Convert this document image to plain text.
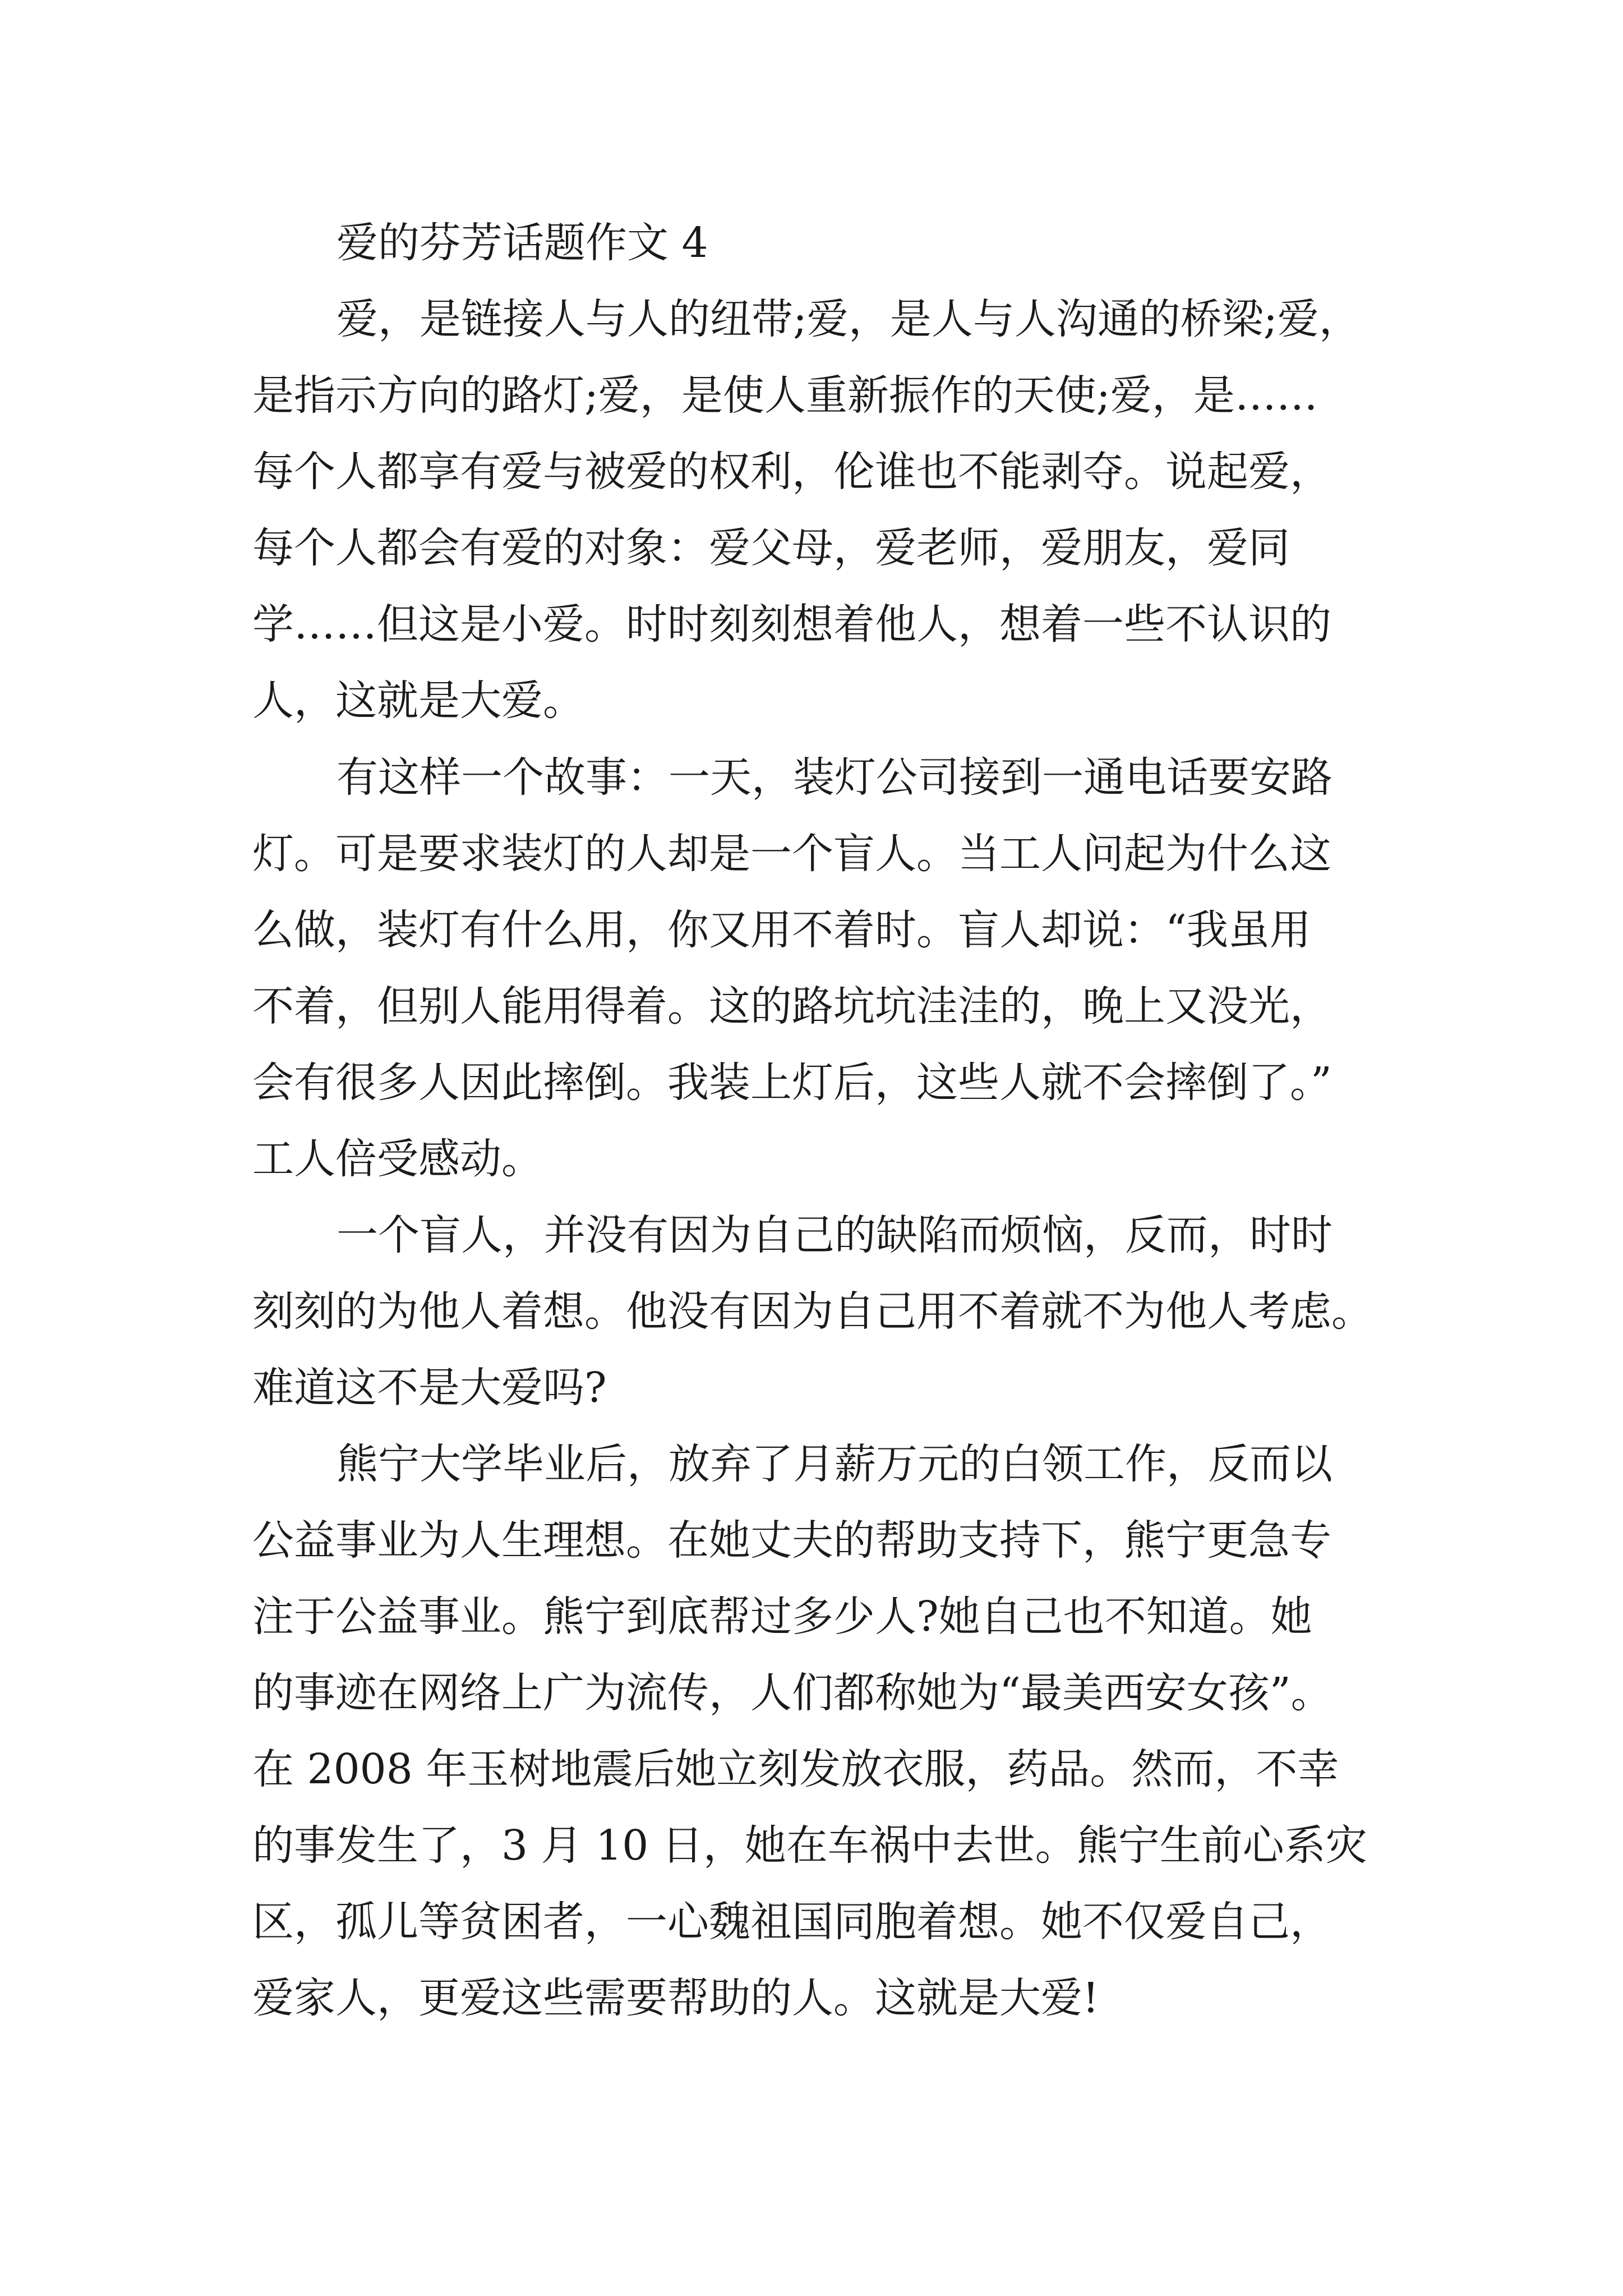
爱的芬芳话题作文 4
爱，是链接人与人的纽带;爱，是人与人沟通的桥梁;爱，
是指示方向的路灯;爱，是使人重新振作的天使;爱，是……
每个人都享有爱与被爱的权利，伦谁也不能剥夺。说起爱，
每个人都会有爱的对象：爱父母，爱老师，爱朋友，爱同
学……但这是小爱。时时刻刻想着他人，想着一些不认识的
人，这就是大爱。
有这样一个故事：一天，装灯公司接到一通电话要安路
灯。可是要求装灯的人却是一个盲人。当工人问起为什么这
么做，装灯有什么用，你又用不着时。盲人却说：“我虽用
不着，但别人能用得着。这的路坑坑洼洼的，晚上又没光，
会有很多人因此摔倒。我装上灯后，这些人就不会摔倒了。”
工人倍受感动。
一个盲人，并没有因为自己的缺陷而烦恼，反而，时时
刻刻的为他人着想。他没有因为自己用不着就不为他人考虑。
难道这不是大爱吗?
熊宁大学毕业后，放弃了月薪万元的白领工作，反而以
公益事业为人生理想。在她丈夫的帮助支持下，熊宁更急专
注于公益事业。熊宁到底帮过多少人?她自己也不知道。她
的事迹在网络上广为流传，人们都称她为“最美西安女孩”。
在 2008 年玉树地震后她立刻发放衣服，药品。然而，不幸
的事发生了，3 月 10 日，她在车祸中去世。熊宁生前心系灾
区，孤儿等贫困者，一心魏祖国同胞着想。她不仅爱自己，
爱家人，更爱这些需要帮助的人。这就是大爱!
